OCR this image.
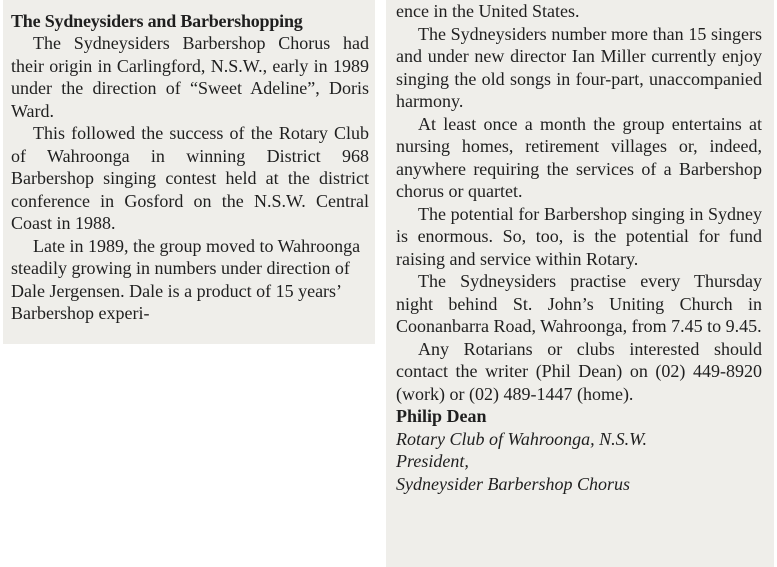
The Sydneysiders and Barbershopping

The Sydneysiders Barbershop Chorus had their origin in Carlingford, N.S.W., early in 1989 under the direction of “Sweet Adeline”, Doris Ward.

This followed the success of the Rotary Club of Wahroonga in winning District 968 Barbershop singing contest held at the district conference in Gosford on the N.S.W. Central Coast in 1988.

Late in 1989, the group moved to Wahroonga steadily growing in numbers under direction of Dale Jergensen. Dale is a product of 15 years’ Barbershop experi-

ence in the United States.

The Sydneysiders number more than 15 singers and under new director Ian Miller currently enjoy singing the old songs in four-part, unaccompanied harmony.

At least once a month the group entertains at nursing homes, retirement villages or, indeed, anywhere requiring the services of a Barbershop chorus or quartet.

The potential for Barbershop singing in Sydney is enormous. So, too, is the potential for fund raising and service within Rotary.

The Sydneysiders practise every Thursday night behind St. John’s Uniting Church in Coonanbarra Road, Wahroonga, from 7.45 to 9.45.

Any Rotarians or clubs interested should contact the writer (Phil Dean) on (02) 449-8920 (work) or (02) 489-1447 (home).

Philip Dean
Rotary Club of Wahroonga, N.S.W.
President,
Sydneysider Barbershop Chorus
